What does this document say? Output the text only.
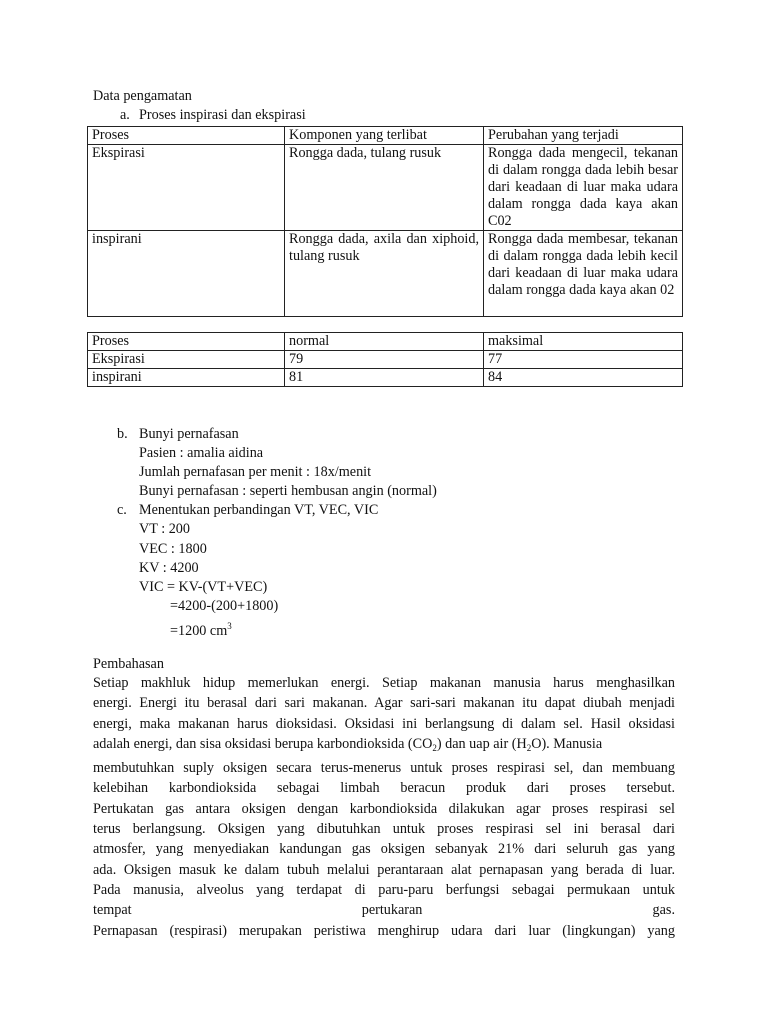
Data pengamatan
a. Proses inspirasi dan ekspirasi
Proses	Komponen yang terlibat	Perubahan yang terjadi
Ekspirasi	Rongga dada, tulang rusuk	Rongga dada mengecil, tekanan di dalam rongga dada lebih besar dari keadaan di luar maka udara dalam rongga dada kaya akan C02
inspirani	Rongga dada, axila dan xiphoid, tulang rusuk	Rongga dada membesar, tekanan di dalam rongga dada lebih kecil dari keadaan di luar maka udara dalam rongga dada kaya akan 02
Proses	normal	maksimal
Ekspirasi	79	77
inspirani	81	84
b. Bunyi pernafasan
Pasien : amalia aidina
Jumlah pernafasan per menit : 18x/menit
Bunyi pernafasan : seperti hembusan angin (normal)
c. Menentukan perbandingan VT, VEC, VIC
VT : 200
VEC : 1800
KV : 4200
VIC = KV-(VT+VEC)
=4200-(200+1800)
=1200 $cm^3$
Pembahasan
Setiap makhluk hidup memerlukan energi. Setiap makanan manusia harus menghasilkan
energi. Energi itu berasal dari sari makanan. Agar sari-sari makanan itu dapat diubah menjadi
energi, maka makanan harus dioksidasi. Oksidasi ini berlangsung di dalam sel. Hasil oksidasi
adalah energi, dan sisa oksidasi berupa karbondioksida $(CO_2)$ dan uap air $(H_2O)$. Manusia
membutuhkan suply oksigen secara terus-menerus untuk proses respirasi sel, dan membuang
kelebihan karbondioksida sebagai limbah beracun produk dari proses tersebut.
Pertukatan gas antara oksigen dengan karbondioksida dilakukan agar proses respirasi sel
terus berlangsung. Oksigen yang dibutuhkan untuk proses respirasi sel ini berasal dari
atmosfer, yang menyediakan kandungan gas oksigen sebanyak 21% dari seluruh gas yang
ada. Oksigen masuk ke dalam tubuh melalui perantaraan alat pernapasan yang berada di luar.
Pada manusia, alveolus yang terdapat di paru-paru berfungsi sebagai permukaan untuk
tempat pertukaran gas.
Pernapasan (respirasi) merupakan peristiwa menghirup udara dari luar (lingkungan) yang
